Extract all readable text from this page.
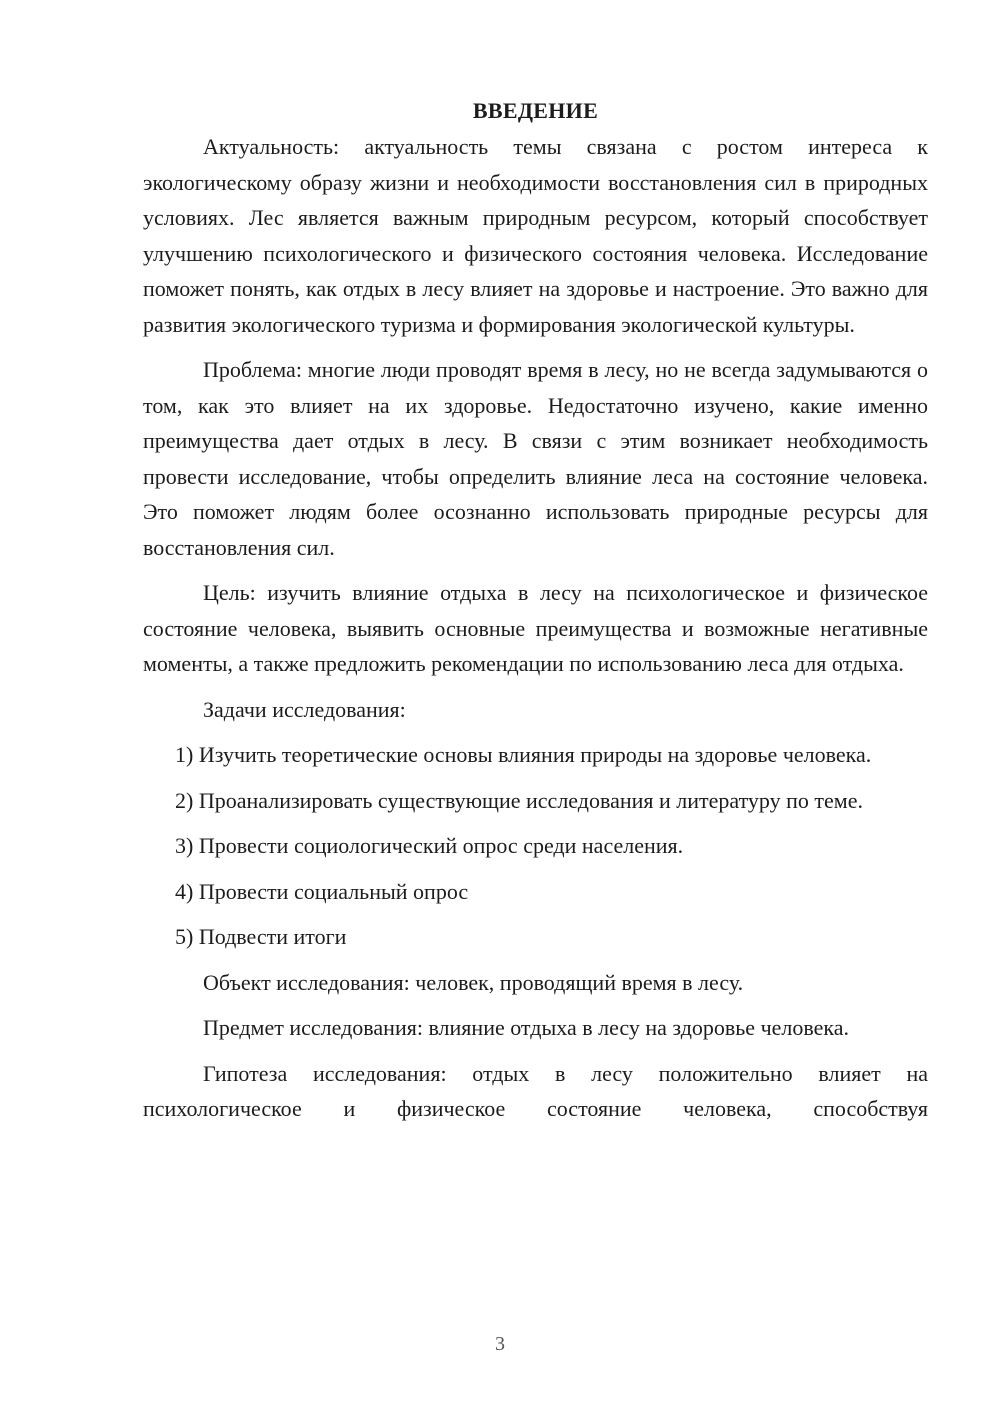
ВВЕДЕНИЕ

Актуальность: актуальность темы связана с ростом интереса к экологическому образу жизни и необходимости восстановления сил в природных условиях. Лес является важным природным ресурсом, который способствует улучшению психологического и физического состояния человека. Исследование поможет понять, как отдых в лесу влияет на здоровье и настроение. Это важно для развития экологического туризма и формирования экологической культуры.

Проблема: многие люди проводят время в лесу, но не всегда задумываются о том, как это влияет на их здоровье. Недостаточно изучено, какие именно преимущества дает отдых в лесу. В связи с этим возникает необходимость провести исследование, чтобы определить влияние леса на состояние человека. Это поможет людям более осознанно использовать природные ресурсы для восстановления сил.

Цель: изучить влияние отдыха в лесу на психологическое и физическое состояние человека, выявить основные преимущества и возможные негативные моменты, а также предложить рекомендации по использованию леса для отдыха.

Задачи исследования:

1) Изучить теоретические основы влияния природы на здоровье человека.

2) Проанализировать существующие исследования и литературу по теме.

3) Провести социологический опрос среди населения.

4) Провести социальный опрос

5) Подвести итоги

Объект исследования: человек, проводящий время в лесу.

Предмет исследования: влияние отдыха в лесу на здоровье человека.

Гипотеза исследования: отдых в лесу положительно влияет на психологическое и физическое состояние человека, способствуя

3
